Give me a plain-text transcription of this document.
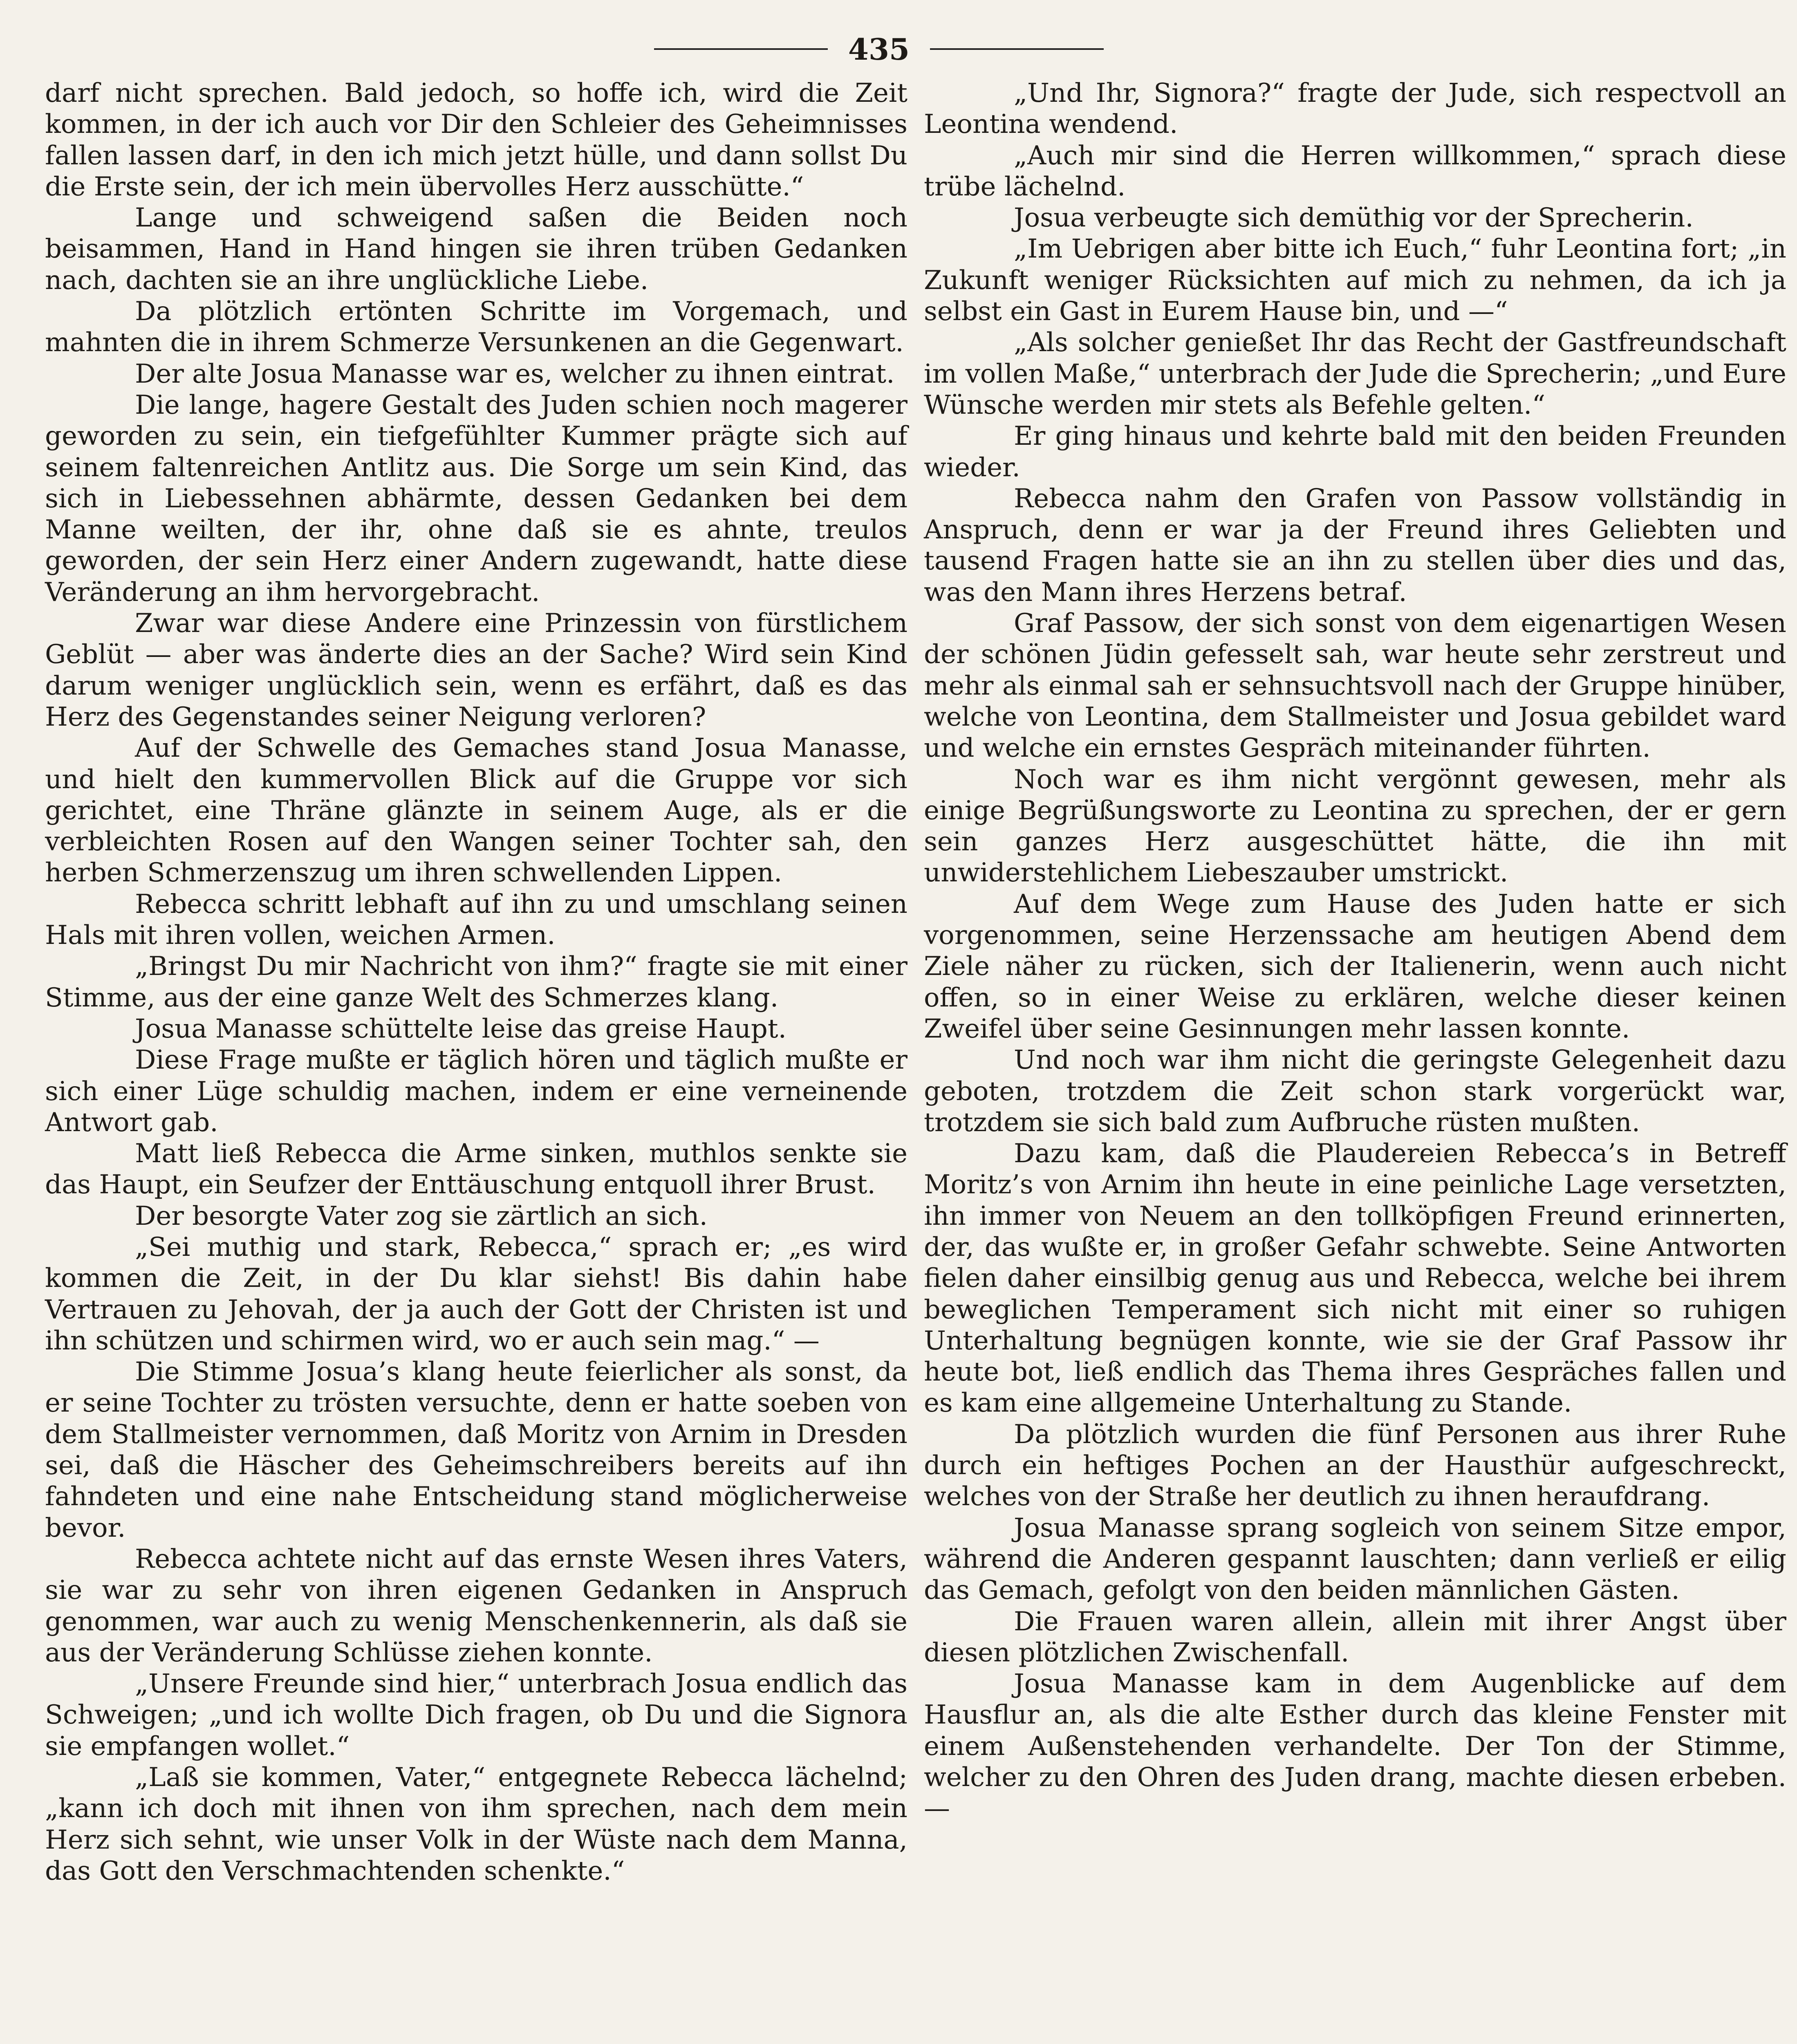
435

darf nicht sprechen. Bald jedoch, so hoffe ich, wird die Zeit kommen, in der ich auch vor Dir den Schleier des Geheimnisses fallen lassen darf, in den ich mich jetzt hülle, und dann sollst Du die Erste sein, der ich mein übervolles Herz ausschütte.“

Lange und schweigend saßen die Beiden noch beisammen, Hand in Hand hingen sie ihren trüben Gedanken nach, dachten sie an ihre unglückliche Liebe.

Da plötzlich ertönten Schritte im Vorgemach, und mahnten die in ihrem Schmerze Versunkenen an die Gegenwart.

Der alte Josua Manasse war es, welcher zu ihnen eintrat.

Die lange, hagere Gestalt des Juden schien noch magerer geworden zu sein, ein tiefgefühlter Kummer prägte sich auf seinem faltenreichen Antlitz aus. Die Sorge um sein Kind, das sich in Liebessehnen abhärmte, dessen Gedanken bei dem Manne weilten, der ihr, ohne daß sie es ahnte, treulos geworden, der sein Herz einer Andern zugewandt, hatte diese Veränderung an ihm hervorgebracht.

Zwar war diese Andere eine Prinzessin von fürstlichem Geblüt — aber was änderte dies an der Sache? Wird sein Kind darum weniger unglücklich sein, wenn es erfährt, daß es das Herz des Gegenstandes seiner Neigung verloren?

Auf der Schwelle des Gemaches stand Josua Manasse, und hielt den kummervollen Blick auf die Gruppe vor sich gerichtet, eine Thräne glänzte in seinem Auge, als er die verbleichten Rosen auf den Wangen seiner Tochter sah, den herben Schmerzenszug um ihren schwellenden Lippen.

Rebecca schritt lebhaft auf ihn zu und umschlang seinen Hals mit ihren vollen, weichen Armen.

„Bringst Du mir Nachricht von ihm?“ fragte sie mit einer Stimme, aus der eine ganze Welt des Schmerzes klang.

Josua Manasse schüttelte leise das greise Haupt.

Diese Frage mußte er täglich hören und täglich mußte er sich einer Lüge schuldig machen, indem er eine verneinende Antwort gab.

Matt ließ Rebecca die Arme sinken, muthlos senkte sie das Haupt, ein Seufzer der Enttäuschung entquoll ihrer Brust.

Der besorgte Vater zog sie zärtlich an sich.

„Sei muthig und stark, Rebecca,“ sprach er; „es wird kommen die Zeit, in der Du klar siehst! Bis dahin habe Vertrauen zu Jehovah, der ja auch der Gott der Christen ist und ihn schützen und schirmen wird, wo er auch sein mag.“ —

Die Stimme Josua’s klang heute feierlicher als sonst, da er seine Tochter zu trösten versuchte, denn er hatte soeben von dem Stallmeister vernommen, daß Moritz von Arnim in Dresden sei, daß die Häscher des Geheimschreibers bereits auf ihn fahndeten und eine nahe Entscheidung stand möglicherweise bevor.

Rebecca achtete nicht auf das ernste Wesen ihres Vaters, sie war zu sehr von ihren eigenen Gedanken in Anspruch genommen, war auch zu wenig Menschenkennerin, als daß sie aus der Veränderung Schlüsse ziehen konnte.

„Unsere Freunde sind hier,“ unterbrach Josua endlich das Schweigen; „und ich wollte Dich fragen, ob Du und die Signora sie empfangen wollet.“

„Laß sie kommen, Vater,“ entgegnete Rebecca lächelnd; „kann ich doch mit ihnen von ihm sprechen, nach dem mein Herz sich sehnt, wie unser Volk in der Wüste nach dem Manna, das Gott den Verschmachtenden schenkte.“

„Und Ihr, Signora?“ fragte der Jude, sich respectvoll an Leontina wendend.

„Auch mir sind die Herren willkommen,“ sprach diese trübe lächelnd.

Josua verbeugte sich demüthig vor der Sprecherin.

„Im Uebrigen aber bitte ich Euch,“ fuhr Leontina fort; „in Zukunft weniger Rücksichten auf mich zu nehmen, da ich ja selbst ein Gast in Eurem Hause bin, und —“

„Als solcher genießet Ihr das Recht der Gastfreundschaft im vollen Maße,“ unterbrach der Jude die Sprecherin; „und Eure Wünsche werden mir stets als Befehle gelten.“

Er ging hinaus und kehrte bald mit den beiden Freunden wieder.

Rebecca nahm den Grafen von Passow vollständig in Anspruch, denn er war ja der Freund ihres Geliebten und tausend Fragen hatte sie an ihn zu stellen über dies und das, was den Mann ihres Herzens betraf.

Graf Passow, der sich sonst von dem eigenartigen Wesen der schönen Jüdin gefesselt sah, war heute sehr zerstreut und mehr als einmal sah er sehnsuchtsvoll nach der Gruppe hinüber, welche von Leontina, dem Stallmeister und Josua gebildet ward und welche ein ernstes Gespräch miteinander führten.

Noch war es ihm nicht vergönnt gewesen, mehr als einige Begrüßungsworte zu Leontina zu sprechen, der er gern sein ganzes Herz ausgeschüttet hätte, die ihn mit unwiderstehlichem Liebeszauber umstrickt.

Auf dem Wege zum Hause des Juden hatte er sich vorgenommen, seine Herzenssache am heutigen Abend dem Ziele näher zu rücken, sich der Italienerin, wenn auch nicht offen, so in einer Weise zu erklären, welche dieser keinen Zweifel über seine Gesinnungen mehr lassen konnte.

Und noch war ihm nicht die geringste Gelegenheit dazu geboten, trotzdem die Zeit schon stark vorgerückt war, trotzdem sie sich bald zum Aufbruche rüsten mußten.

Dazu kam, daß die Plaudereien Rebecca’s in Betreff Moritz’s von Arnim ihn heute in eine peinliche Lage versetzten, ihn immer von Neuem an den tollköpfigen Freund erinnerten, der, das wußte er, in großer Gefahr schwebte. Seine Antworten fielen daher einsilbig genug aus und Rebecca, welche bei ihrem beweglichen Temperament sich nicht mit einer so ruhigen Unterhaltung begnügen konnte, wie sie der Graf Passow ihr heute bot, ließ endlich das Thema ihres Gespräches fallen und es kam eine allgemeine Unterhaltung zu Stande.

Da plötzlich wurden die fünf Personen aus ihrer Ruhe durch ein heftiges Pochen an der Hausthür aufgeschreckt, welches von der Straße her deutlich zu ihnen heraufdrang.

Josua Manasse sprang sogleich von seinem Sitze empor, während die Anderen gespannt lauschten; dann verließ er eilig das Gemach, gefolgt von den beiden männlichen Gästen.

Die Frauen waren allein, allein mit ihrer Angst über diesen plötzlichen Zwischenfall.

Josua Manasse kam in dem Augenblicke auf dem Hausflur an, als die alte Esther durch das kleine Fenster mit einem Außenstehenden verhandelte. Der Ton der Stimme, welcher zu den Ohren des Juden drang, machte diesen erbeben. —
